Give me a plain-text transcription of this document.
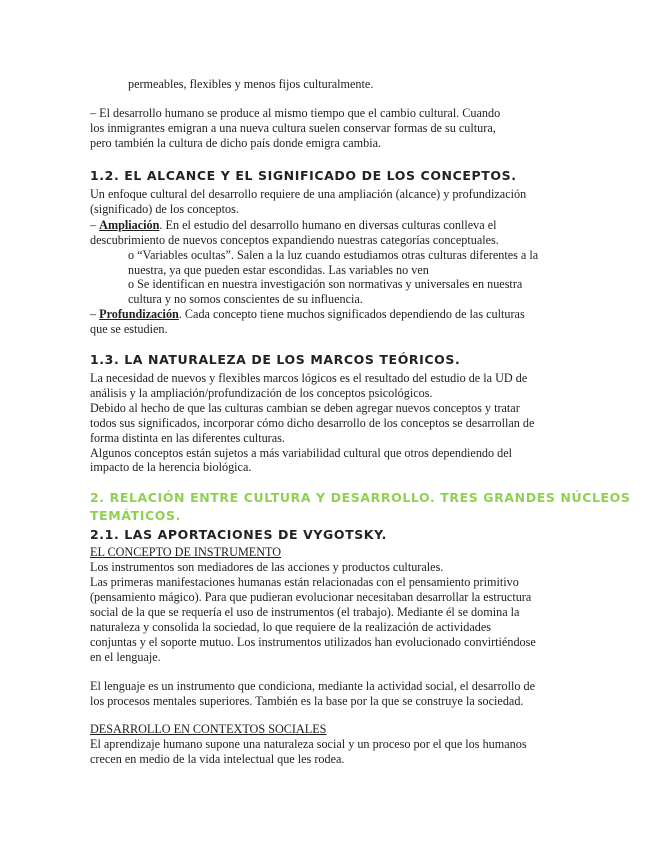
permeables, flexibles y menos fijos culturalmente.
– El desarrollo humano se produce al mismo tiempo que el cambio cultural. Cuando
los inmigrantes emigran a una nueva cultura suelen conservar formas de su cultura,
pero también la cultura de dicho país donde emigra cambia.
1.2. EL ALCANCE Y EL SIGNIFICADO DE LOS CONCEPTOS.
Un enfoque cultural del desarrollo requiere de una ampliación (alcance) y profundización
(significado) de los conceptos.
– Ampliación. En el estudio del desarrollo humano en diversas culturas conlleva el
descubrimiento de nuevos conceptos expandiendo nuestras categorías conceptuales.
o “Variables ocultas”. Salen a la luz cuando estudiamos otras culturas diferentes a la
nuestra, ya que pueden estar escondidas. Las variables no ven
o Se identifican en nuestra investigación son normativas y universales en nuestra
cultura y no somos conscientes de su influencia.
– Profundización. Cada concepto tiene muchos significados dependiendo de las culturas
que se estudien.
1.3. LA NATURALEZA DE LOS MARCOS TEÓRICOS.
La necesidad de nuevos y flexibles marcos lógicos es el resultado del estudio de la UD de
análisis y la ampliación/profundización de los conceptos psicológicos.
Debido al hecho de que las culturas cambian se deben agregar nuevos conceptos y tratar
todos sus significados, incorporar cómo dicho desarrollo de los conceptos se desarrollan de
forma distinta en las diferentes culturas.
Algunos conceptos están sujetos a más variabilidad cultural que otros dependiendo del
impacto de la herencia biológica.
2. RELACIÓN ENTRE CULTURA Y DESARROLLO. TRES GRANDES NÚCLEOS
TEMÁTICOS.
2.1. LAS APORTACIONES DE VYGOTSKY.
EL CONCEPTO DE INSTRUMENTO
Los instrumentos son mediadores de las acciones y productos culturales.
Las primeras manifestaciones humanas están relacionadas con el pensamiento primitivo
(pensamiento mágico). Para que pudieran evolucionar necesitaban desarrollar la estructura
social de la que se requería el uso de instrumentos (el trabajo). Mediante él se domina la
naturaleza y consolida la sociedad, lo que requiere de la realización de actividades
conjuntas y el soporte mutuo. Los instrumentos utilizados han evolucionado convirtiéndose
en el lenguaje.
El lenguaje es un instrumento que condiciona, mediante la actividad social, el desarrollo de
los procesos mentales superiores. También es la base por la que se construye la sociedad.
DESARROLLO EN CONTEXTOS SOCIALES
El aprendizaje humano supone una naturaleza social y un proceso por el que los humanos
crecen en medio de la vida intelectual que les rodea.
